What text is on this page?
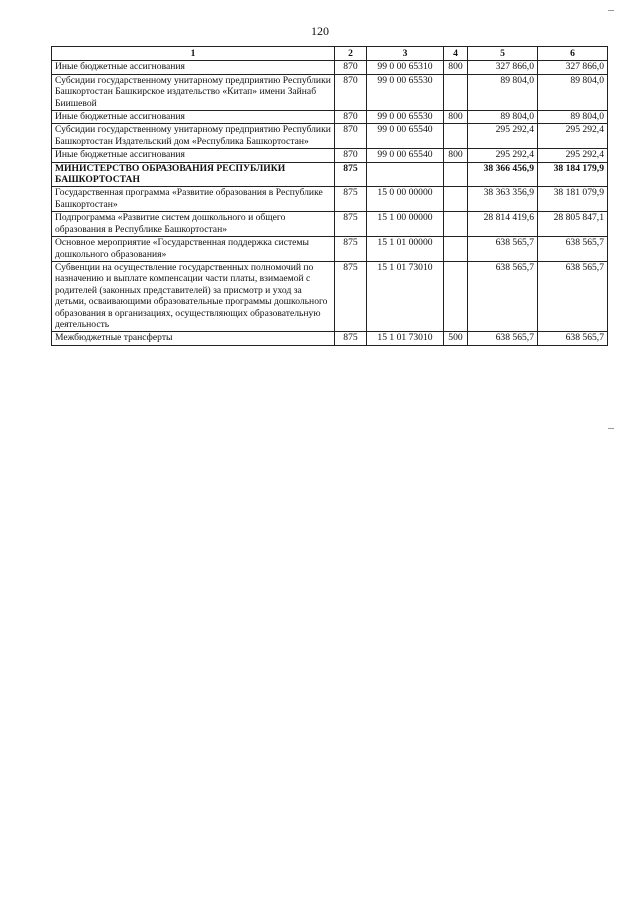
120
1	2	3	4	5	6
Иные бюджетные ассигнования	870	99 0 00 65310	800	327 866,0	327 866,0
Субсидии государственному унитарному предприятию Республики Башкортостан Башкирское издательство «Китап» имени Зайнаб Биишевой	870	99 0 00 65530		89 804,0	89 804,0
Иные бюджетные ассигнования	870	99 0 00 65530	800	89 804,0	89 804,0
Субсидии государственному унитарному предприятию Республики Башкортостан Издательский дом «Республика Башкортостан»	870	99 0 00 65540		295 292,4	295 292,4
Иные бюджетные ассигнования	870	99 0 00 65540	800	295 292,4	295 292,4
МИНИСТЕРСТВО ОБРАЗОВАНИЯ РЕСПУБЛИКИ БАШКОРТОСТАН	875			38 366 456,9	38 184 179,9
Государственная программа «Развитие образования в Республике Башкортостан»	875	15 0 00 00000		38 363 356,9	38 181 079,9
Подпрограмма «Развитие систем дошкольного и общего образования в Республике Башкортостан»	875	15 1 00 00000		28 814 419,6	28 805 847,1
Основное мероприятие «Государственная поддержка системы дошкольного образования»	875	15 1 01 00000		638 565,7	638 565,7
Субвенции на осуществление государственных полномочий по назначению и выплате компенсации части платы, взимаемой с родителей (законных представителей) за присмотр и уход за детьми, осваивающими образовательные программы дошкольного образования в организациях, осуществляющих образовательную деятельность	875	15 1 01 73010		638 565,7	638 565,7
Межбюджетные трансферты	875	15 1 01 73010	500	638 565,7	638 565,7
